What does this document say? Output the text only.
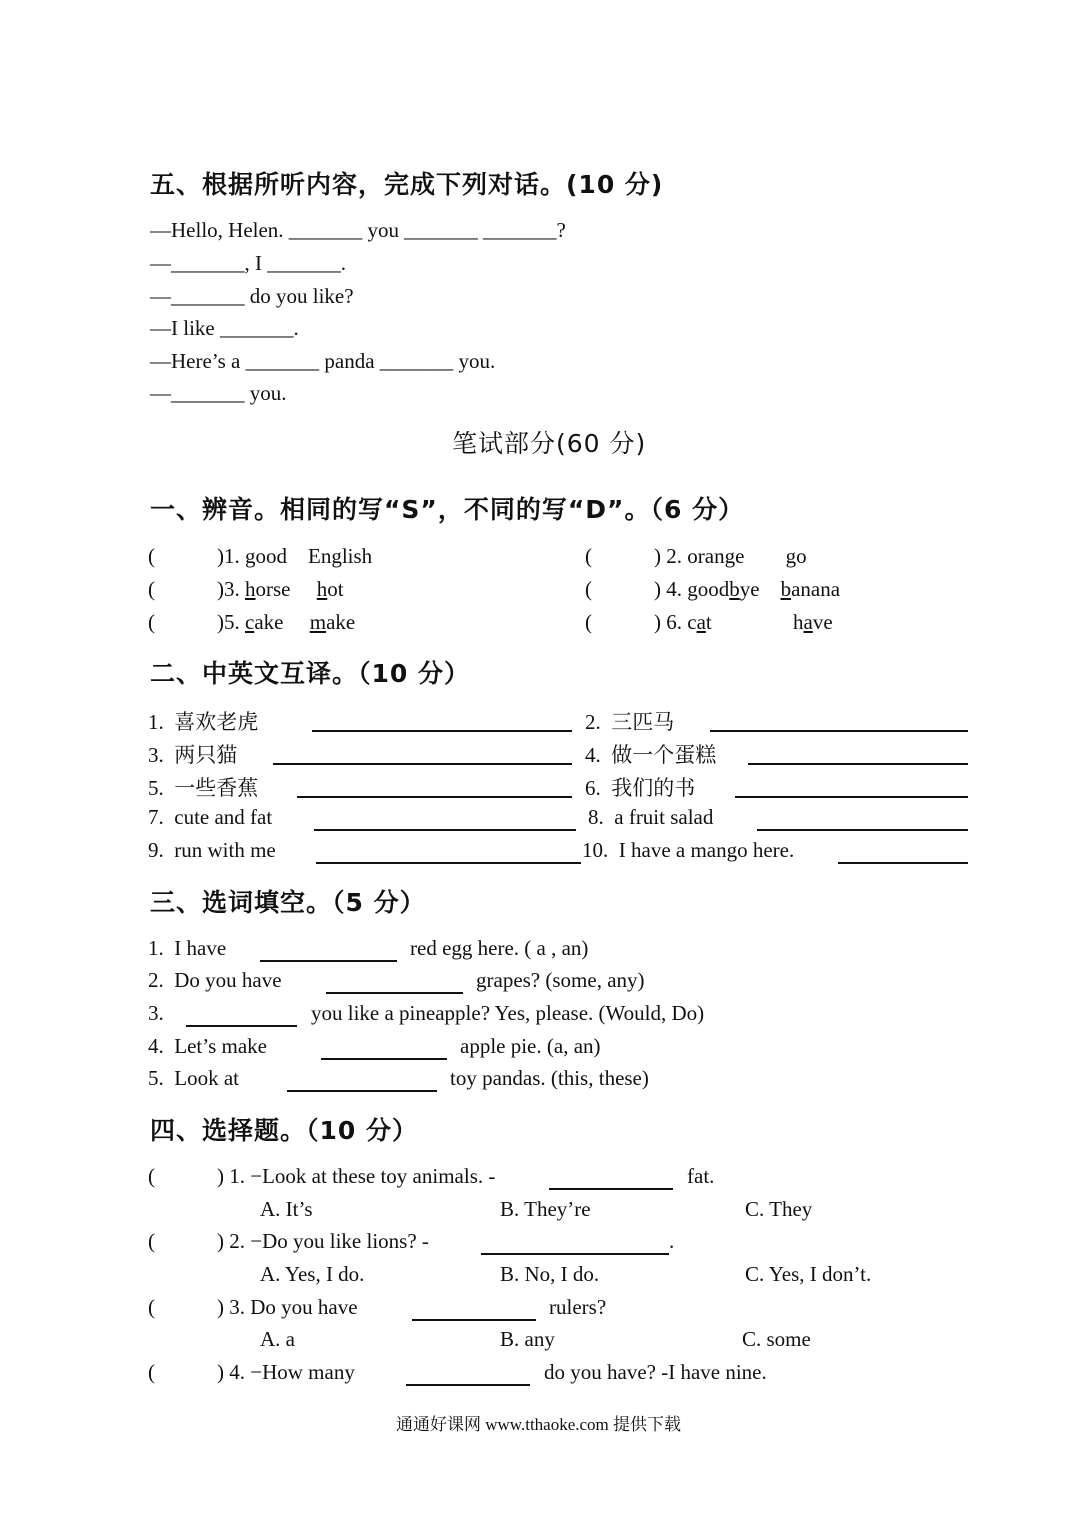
五、根据所听内容，完成下列对话。(10 分)
—Hello, Helen. _______ you _______ _______?
—_______, I _______.
—_______ do you like?
—I like _______.
—Here’s a _______ panda _______ you.
—_______ you.
笔试部分(60 分)
一、辨音。相同的写“S”，不同的写“D”。（6 分）
(	)1. good English	(	) 2. orange go
(	)3. horse hot	(	) 4. goodbye banana
(	)5. cake make	(	) 6. cat	have
二、中英文互译。（10 分）
1. 喜欢老虎	2. 三匹马
3. 两只猫	4. 做一个蛋糕
5. 一些香蕉	6. 我们的书
7. cute and fat	8. a fruit salad
9. run with me	10. I have a mango here.
三、选词填空。（5 分）
1. I have	red egg here. ( a , an)
2. Do you have	grapes? (some, any)
3.	you like a pineapple? Yes, please. (Would, Do)
4. Let’s make	apple pie. (a, an)
5. Look at	toy pandas. (this, these)
四、选择题。（10 分）
(	) 1. −Look at these toy animals. -	fat.
A. It’s	B. They’re	C. They
(	) 2. −Do you like lions? -	.
A. Yes, I do.	B. No, I do.	C. Yes, I don’t.
(	) 3. Do you have	rulers?
A. a	B. any	C. some
(	) 4. −How many	do you have? -I have nine.
通通好课网 www.tthaoke.com 提供下载
